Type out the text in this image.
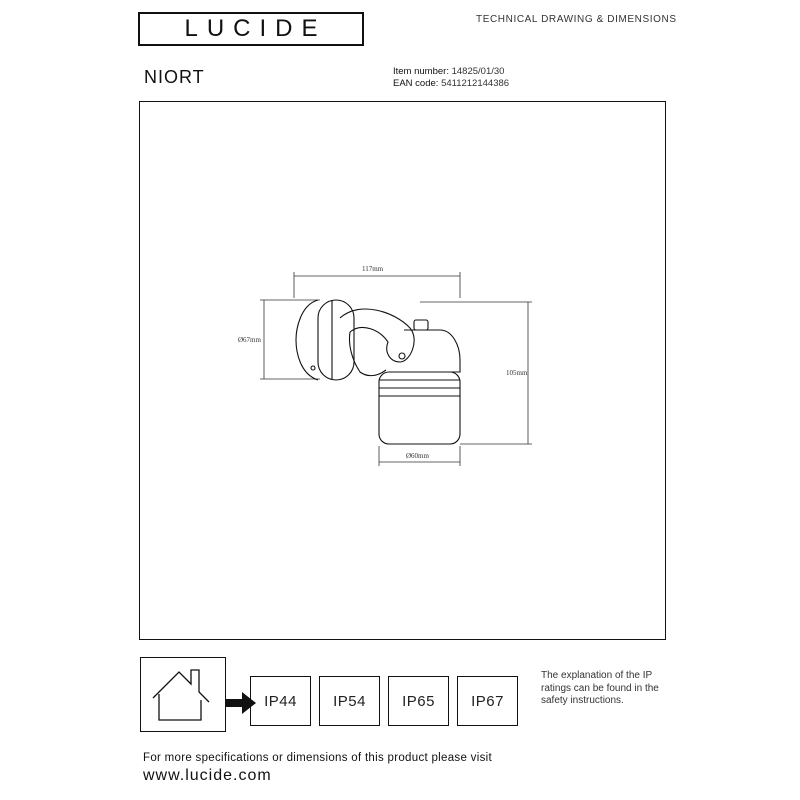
LUCIDE	TECHNICAL DRAWING & DIMENSIONS
NIORT	Item number: 14825/01/30
EAN code: 5411212144386
117mm
Ø67mm
105mm
Ø60mm
IP44	IP54	IP65	IP67
The explanation of the IP ratings can be found in the safety instructions.
For more specifications or dimensions of this product please visit
www.lucide.com
